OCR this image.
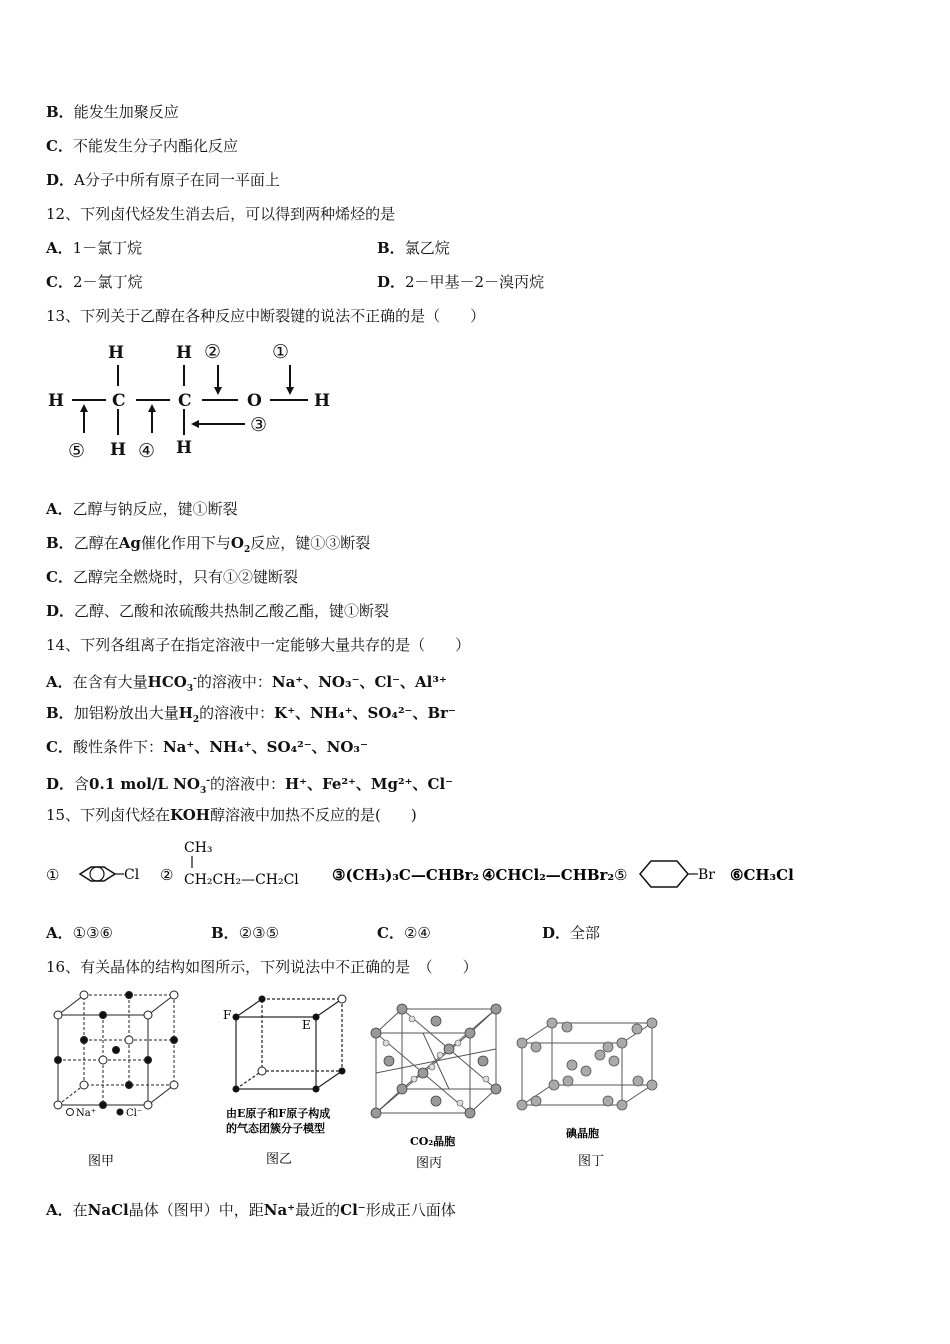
B．能发生加聚反应
C．不能发生分子内酯化反应
D．A分子中所有原子在同一平面上
12、下列卤代烃发生消去后，可以得到两种烯烃的是
A．1－氯丁烷	B．氯乙烷
C．2－氯丁烷	D．2－甲基－2－溴丙烷
13、下列关于乙醇在各种反应中断裂键的说法不正确的是（　　）
H	H
H	C	C	O	H
H	H
①
②
③
④
⑤
A．乙醇与钠反应，键①断裂
B．乙醇在Ag催化作用下与$O_2$反应，键①③断裂
C．乙醇完全燃烧时，只有①②键断裂
D．乙醇、乙酸和浓硫酸共热制乙酸乙酯，键①断裂
14、下列各组离子在指定溶液中一定能够大量共存的是（　　）
A．在含有大量$HCO_3^-$的溶液中：Na⁺、NO₃⁻、Cl⁻、Al³⁺
B．加铝粉放出大量$H_2$的溶液中：K⁺、NH₄⁺、SO₄²⁻、Br⁻
C．酸性条件下：Na⁺、NH₄⁺、SO₄²⁻、NO₃⁻
D．含0.1 mol/L $NO_3^-$的溶液中：H⁺、Fe²⁺、Mg²⁺、Cl⁻
15、下列卤代烃在KOH醇溶液中加热不反应的是(　　)
①	Cl ②
CH₃
CH₂CH₂—CH₂Cl ③(CH₃)₃C—CHBr₂ ④CHCl₂—CHBr₂ ⑤	Br ⑥CH₃Cl
A．①③⑥	B．②③⑤	C．②④	D．全部
16、有关晶体的结构如图所示，下列说法中不正确的是　（　　）
Na⁺	Cl⁻
图甲
F
E
由E原子和F原子构成
的气态团簇分子模型
图乙
CO₂晶胞
图丙
碘晶胞
图丁
A．在NaCl晶体（图甲）中，距Na⁺最近的Cl⁻形成正八面体
